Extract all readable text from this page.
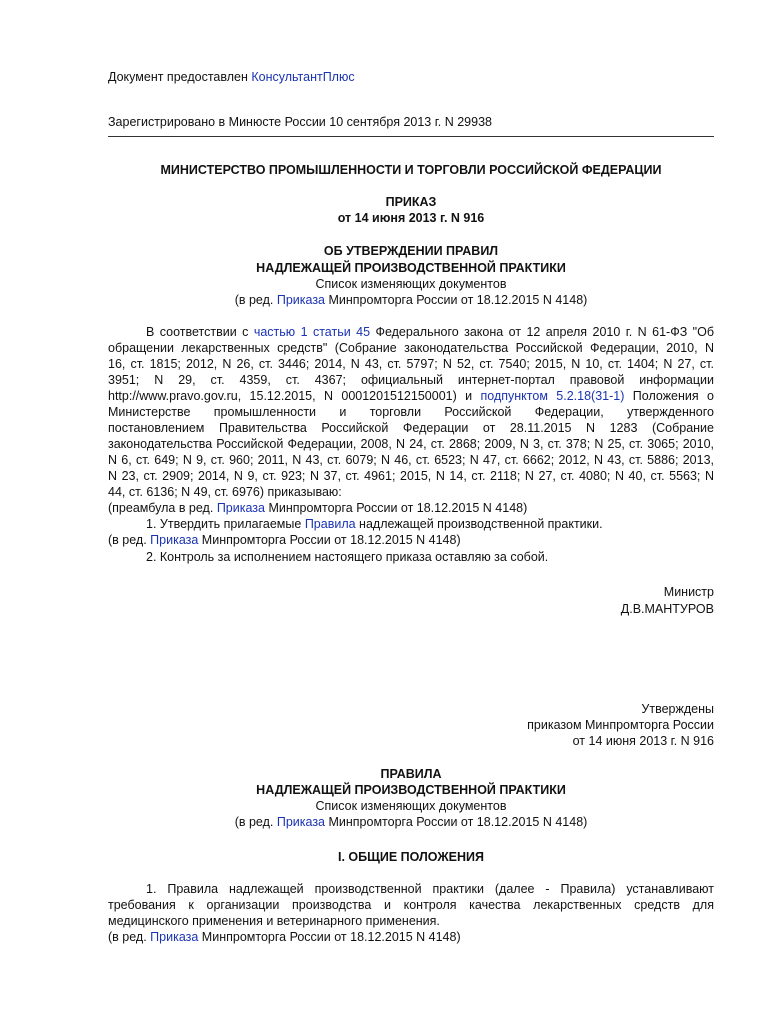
Документ предоставлен КонсультантПлюс
Зарегистрировано в Минюсте России 10 сентября 2013 г. N 29938
МИНИСТЕРСТВО ПРОМЫШЛЕННОСТИ И ТОРГОВЛИ РОССИЙСКОЙ ФЕДЕРАЦИИ
ПРИКАЗ
от 14 июня 2013 г. N 916
ОБ УТВЕРЖДЕНИИ ПРАВИЛ
НАДЛЕЖАЩЕЙ ПРОИЗВОДСТВЕННОЙ ПРАКТИКИ
Список изменяющих документов
(в ред. Приказа Минпромторга России от 18.12.2015 N 4148)
В соответствии с частью 1 статьи 45 Федерального закона от 12 апреля 2010 г. N 61-ФЗ "Об
обращении лекарственных средств" (Собрание законодательства Российской Федерации, 2010, N
16, ст. 1815; 2012, N 26, ст. 3446; 2014, N 43, ст. 5797; N 52, ст. 7540; 2015, N 10, ст. 1404; N 27, ст.
3951; N 29, ст. 4359, ст. 4367; официальный интернет-портал правовой информации
http://www.pravo.gov.ru, 15.12.2015, N 0001201512150001) и подпунктом 5.2.18(31-1) Положения о
Министерстве промышленности и торговли Российской Федерации, утвержденного
постановлением Правительства Российской Федерации от 28.11.2015 N 1283 (Собрание
законодательства Российской Федерации, 2008, N 24, ст. 2868; 2009, N 3, ст. 378; N 25, ст. 3065; 2010,
N 6, ст. 649; N 9, ст. 960; 2011, N 43, ст. 6079; N 46, ст. 6523; N 47, ст. 6662; 2012, N 43, ст. 5886; 2013,
N 23, ст. 2909; 2014, N 9, ст. 923; N 37, ст. 4961; 2015, N 14, ст. 2118; N 27, ст. 4080; N 40, ст. 5563; N
44, ст. 6136; N 49, ст. 6976) приказываю:
(преамбула в ред. Приказа Минпромторга России от 18.12.2015 N 4148)
1. Утвердить прилагаемые Правила надлежащей производственной практики.
(в ред. Приказа Минпромторга России от 18.12.2015 N 4148)
2. Контроль за исполнением настоящего приказа оставляю за собой.
Министр
Д.В.МАНТУРОВ
Утверждены
приказом Минпромторга России
от 14 июня 2013 г. N 916
ПРАВИЛА
НАДЛЕЖАЩЕЙ ПРОИЗВОДСТВЕННОЙ ПРАКТИКИ
Список изменяющих документов
(в ред. Приказа Минпромторга России от 18.12.2015 N 4148)
I. ОБЩИЕ ПОЛОЖЕНИЯ
1. Правила надлежащей производственной практики (далее - Правила) устанавливают
требования к организации производства и контроля качества лекарственных средств для
медицинского применения и ветеринарного применения.
(в ред. Приказа Минпромторга России от 18.12.2015 N 4148)
